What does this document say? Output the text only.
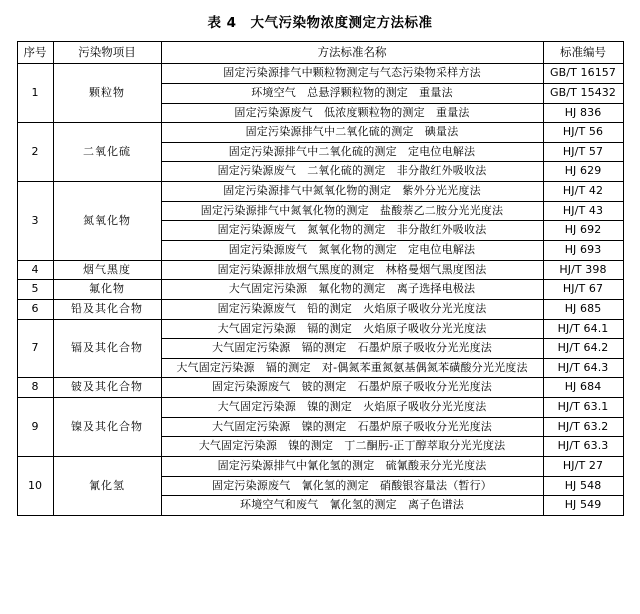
表 4　大气污染物浓度测定方法标准
序号	污染物项目	方法标准名称	标准编号
1	颗粒物	固定污染源排气中颗粒物测定与气态污染物采样方法	GB/T 16157
		环境空气　总悬浮颗粒物的测定　重量法	GB/T 15432
		固定污染源废气　低浓度颗粒物的测定　重量法	HJ 836
2	二氧化硫	固定污染源排气中二氧化硫的测定　碘量法	HJ/T 56
		固定污染源排气中二氧化硫的测定　定电位电解法	HJ/T 57
		固定污染源废气　二氧化硫的测定　非分散红外吸收法	HJ 629
3	氮氧化物	固定污染源排气中氮氧化物的测定　紫外分光光度法	HJ/T 42
		固定污染源排气中氮氧化物的测定　盐酸萘乙二胺分光光度法	HJ/T 43
		固定污染源废气　氮氧化物的测定　非分散红外吸收法	HJ 692
		固定污染源废气　氮氧化物的测定　定电位电解法	HJ 693
4	烟气黑度	固定污染源排放烟气黑度的测定　林格曼烟气黑度图法	HJ/T 398
5	氟化物	大气固定污染源　氟化物的测定　离子选择电极法	HJ/T 67
6	铅及其化合物	固定污染源废气　铅的测定　火焰原子吸收分光光度法	HJ 685
7	镉及其化合物	大气固定污染源　镉的测定　火焰原子吸收分光光度法	HJ/T 64.1
		大气固定污染源　镉的测定　石墨炉原子吸收分光光度法	HJ/T 64.2
		大气固定污染源　镉的测定　对-偶氮苯重氮氨基偶氮苯磺酸分光光度法	HJ/T 64.3
8	铍及其化合物	固定污染源废气　铍的测定　石墨炉原子吸收分光光度法	HJ 684
9	镍及其化合物	大气固定污染源　镍的测定　火焰原子吸收分光光度法	HJ/T 63.1
		大气固定污染源　镍的测定　石墨炉原子吸收分光光度法	HJ/T 63.2
		大气固定污染源　镍的测定　丁二酮肟-正丁醇萃取分光光度法	HJ/T 63.3
10	氰化氢	固定污染源排气中氰化氢的测定　硫氰酸汞分光光度法	HJ/T 27
		固定污染源废气　氰化氢的测定　硝酸银容量法（暂行）	HJ 548
		环境空气和废气　氰化氢的测定　离子色谱法	HJ 549
